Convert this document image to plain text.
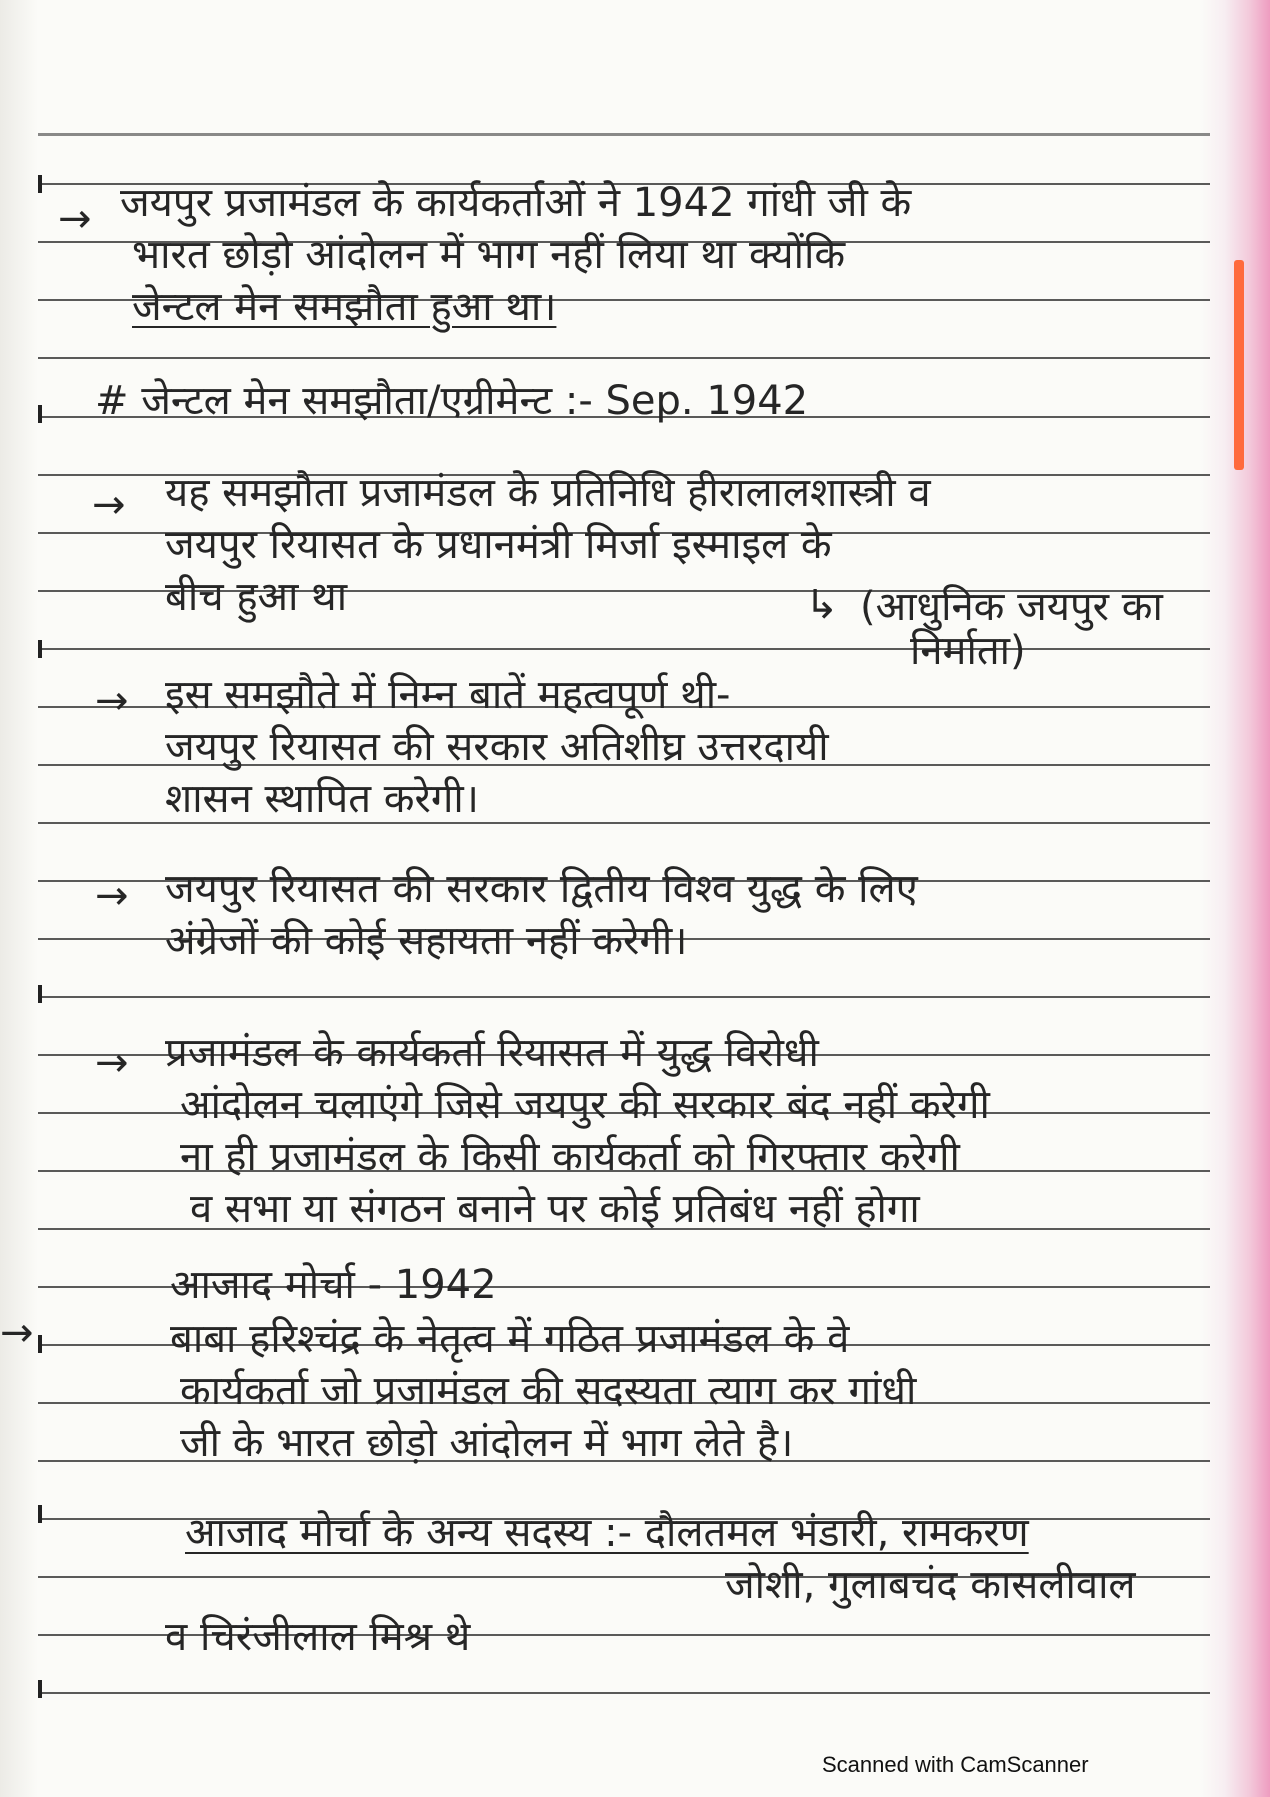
→
→
→
→
→
→
↳
जयपुर प्रजामंडल के कार्यकर्ताओं ने 1942 गांधी जी के
भारत छोड़ो आंदोलन में भाग नहीं लिया था क्योंकि
जेन्टल मेन समझौता हुआ था।
# जेन्टल मेन समझौता/एग्रीमेन्ट :- Sep. 1942
यह समझौता प्रजामंडल के प्रतिनिधि हीरालालशास्त्री व
जयपुर रियासत के प्रधानमंत्री मिर्जा इस्माइल के
बीच हुआ था	(आधुनिक जयपुर का
निर्माता)
इस समझौते में निम्न बातें महत्वपूर्ण थी-
जयपुर रियासत की सरकार अतिशीघ्र उत्तरदायी
शासन स्थापित करेगी।
जयपुर रियासत की सरकार द्वितीय विश्व युद्ध के लिए
अंग्रेजों की कोई सहायता नहीं करेगी।
प्रजामंडल के कार्यकर्ता रियासत में युद्ध विरोधी
आंदोलन चलाएंगे जिसे जयपुर की सरकार बंद नहीं करेगी
ना ही प्रजामंडल के किसी कार्यकर्ता को गिरफ्तार करेगी
व सभा या संगठन बनाने पर कोई प्रतिबंध नहीं होगा
आजाद मोर्चा - 1942
बाबा हरिश्चंद्र के नेतृत्व में गठित प्रजामंडल के वे
कार्यकर्ता जो प्रजामंडल की सदस्यता त्याग कर गांधी
जी के भारत छोड़ो आंदोलन में भाग लेते है।
आजाद मोर्चा के अन्य सदस्य :- दौलतमल भंडारी, रामकरण
जोशी, गुलाबचंद कासलीवाल
व चिरंजीलाल मिश्र थे
Scanned with CamScanner
